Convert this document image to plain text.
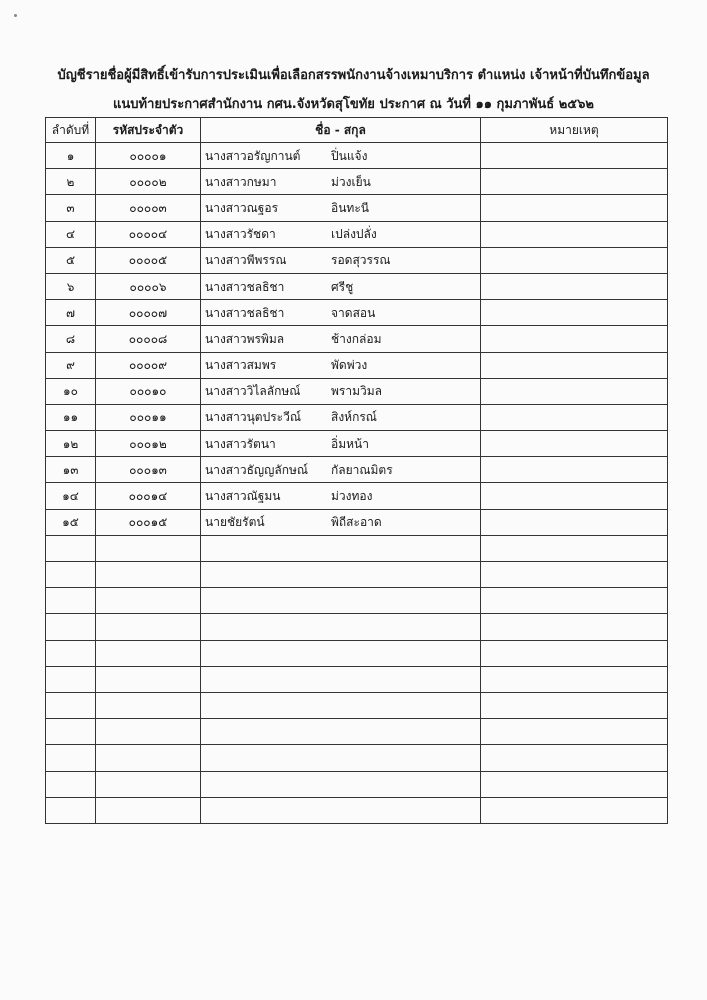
บัญชีรายชื่อผู้มีสิทธิ์เข้ารับการประเมินเพื่อเลือกสรรพนักงานจ้างเหมาบริการ ตำแหน่ง เจ้าหน้าที่บันทึกข้อมูล
แนบท้ายประกาศสำนักงาน กศน.จังหวัดสุโขทัย ประกาศ ณ วันที่ ๑๑ กุมภาพันธ์ ๒๕๖๒
ลำดับที่	รหัสประจำตัว	ชื่อ - สกุล	หมายเหตุ
๑	๐๐๐๐๑	นางสาวอรัญกานต์ ปิ่นแจ้ง	
๒	๐๐๐๐๒	นางสาวกษมา ม่วงเย็น	
๓	๐๐๐๐๓	นางสาวณฐอร อินทะนี	
๔	๐๐๐๐๔	นางสาวรัชดา เปล่งปลั่ง	
๕	๐๐๐๐๕	นางสาวพีพรรณ รอดสุวรรณ	
๖	๐๐๐๐๖	นางสาวชลธิชา ศรีชู	
๗	๐๐๐๐๗	นางสาวชลธิชา จาดสอน	
๘	๐๐๐๐๘	นางสาวพรพิมล ช้างกล่อม	
๙	๐๐๐๐๙	นางสาวสมพร พัดพ่วง	
๑๐	๐๐๐๑๐	นางสาววิไลลักษณ์ พรามวิมล	
๑๑	๐๐๐๑๑	นางสาวนุตประวีณ์ สิงห์กรณ์	
๑๒	๐๐๐๑๒	นางสาวรัตนา อิ่มหน้า	
๑๓	๐๐๐๑๓	นางสาวธัญญลักษณ์ กัลยาณมิตร	
๑๔	๐๐๐๑๔	นางสาวณัฐมน ม่วงทอง	
๑๕	๐๐๐๑๕	นายชัยรัตน์ พิถีสะอาด	
